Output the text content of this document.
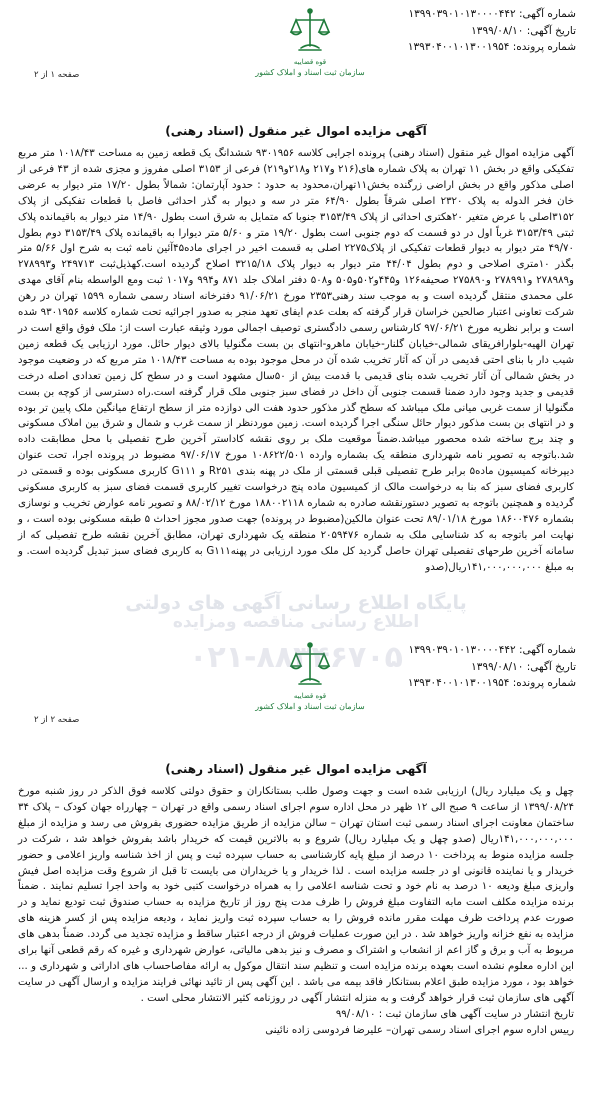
شماره آگهی: ۱۳۹۹۰۳۹۰۱۰۱۳۰۰۰۰۴۴۲
تاریخ آگهی: ۱۳۹۹/۰۸/۱۰
شماره پرونده: ۱۳۹۳۰۴۰۰۱۰۱۳۰۰۱۹۵۴
قوه قضاییه
سازمان ثبت اسناد و املاک کشور
صفحه ۱ از ۲
آگهی مزایده اموال غیر منقول (اسناد رهنی)

آگهی مزایده اموال غیر منقول (اسناد رهنی) پرونده اجرایی کلاسه ۹۳۰۱۹۵۶ ششدانگ یک قطعه زمین به مساحت ۱۰۱۸/۴۳ متر مربع تفکیکی واقع در بخش ۱۱ تهران به پلاک شماره های(۲۱۶ و۲۱۷ و۲۱۸و۲۱۹) فرعی از ۳۱۵۳ اصلی مفروز و مجزی شده از ۴۳ فرعی از اصلی مذکور واقع در بخش اراضی زرگنده بخش۱۱تهران،محدود به حدود : حدود آپارتمان: شمالاً بطول ۱۷/۲۰ متر دیوار به عرضی خان فخر الدوله به پلاک ۲۳۲۰ اصلی شرقاً بطول ۶۴/۹۰ متر در سه و دیوار به گذر احداثی فاصل با قطعات تفکیکی از پلاک ۳۱۵۲اصلی با عرض متغیر ۲۰هکتری احداثی از پلاک ۳۱۵۳/۴۹ جنوبا که متمایل به شرق است بطول ۱۴/۹۰ متر دیوار به باقیمانده پلاک ثبتی ۳۱۵۳/۴۹ غرباً اول در دو قسمت که دوم جنوبی است بطول ۱۹/۲۰ متر و ۵/۶۰ متر دیوارا به باقیمانده پلاک ۳۱۵۳/۴۹ دوم بطول ۴۹/۷۰ متر دیوار به دیوار قطعات تفکیکی از پلاک۲۲۷۵ اصلی به قسمت اخیر در اجرای ماده۴۵آئین نامه ثبت به شرح اول ۵/۶۶ متر بگذر ۱۰متری اصلاحی و دوم بطول ۴۴/۰۴ متر دیوار به دیوار پلاک ۳۲۱۵/۱۸ اصلاح گردیده است.کهذیل‌ثبت ۲۴۹۷۱۳ و۲۷۸۹۹۳ و۲۷۸۹۸۹ و۲۷۸۹۹۱ و۲۷۵۸۹۰ صحیفه۱۲۶ و۴۴۵و۵۰۲و۵۰۵ و۵۰۸ دفتر املاک جلد ۸۷۱ و۹۹۴ و۱۰۱۷ ثبت ومع الواسطه بنام آقای مهدی علی محمدی منتقل گردیده است و به موجب سند رهنی۲۳۵۳ مورخ ۹۱/۰۶/۲۱ دفترخانه اسناد رسمی شماره ۱۵۹۹ تهران در رهن شرکت تعاونی اعتبار صالحین خراسان قرار گرفته که بعلت عدم ایفای تعهد منجر به صدور اجرائیه تحت شماره کلاسه ۹۳۰۱۹۵۶ شده است و برابر نظریه مورخ ۹۷/۰۶/۲۱ کارشناس رسمی دادگستری توصیف اجمالی مورد وثیقه عبارت است از: ملک فوق واقع است در تهران الهیه-بلوارافریقای شمالی-خیابان گلنار-خیابان ماهرو-انتهای بن بست مگنولیا بالای دیوار حائل. مورد ارزیابی یک قطعه زمین شیب دار با بنای احتی قدیمی در آن که آثار تخریب شده آن در محل موجود بوده به مساحت ۱۰۱۸/۴۳ متر مربع که در وضعیت موجود در بخش شمالی آن آثار تخریب شده بنای قدیمی با قدمت بیش از ۵۰سال مشهود است و در سطح کل زمین تعدادی اصله درخت قدیمی و جدید وجود دارد ضمنا قسمت جنوبی آن داخل در فضای سبز جنوبی ملک قرار گرفته است.راه دسترسی از کوچه بن بست مگنولیا از سمت غربی میانی ملک میباشد که سطح گذر مذکور حدود هفت الی دوازده متر از سطح ارتفاع میانگین ملک پایین تر بوده و در انتهای بن بست مذکور دیوار حائل سنگی اجرا گردیده است. زمین موردنظر از سمت غرب و شمال و شرق بین املاک مسکونی و چند برج ساخته شده محصور میباشد.ضمناً موقعیت ملک بر روی نقشه کاداستر آخرین طرح تفصیلی با محل مطابقت داده شد.باتوجه به تصویر نامه شهرداری منطقه یک بشماره وارده ۱۰۸۶۲۲/۵۰۱ مورخ ۹۷/۰۶/۱۷ مضبوط در پرونده اجرا، تحت عنوان دیپرخانه کمیسیون ماده۵ برابر طرح تفصیلی قبلی قسمتی از ملک در پهنه بندی R۲۵۱ و G۱۱۱ کاربری مسکونی بوده و قسمتی در کاربری فضای سبز که بنا به درخواست مالک از کمیسیون ماده پنج درخواست تغییر کاربری قسمت فضای سبز به کاربری مسکونی گردیده و همچنین باتوجه به تصویر دستورنقشه صادره به شماره ۱۸۸۰۰۲۱۱۸ مورخ ۸۸/۰۲/۱۲ و تصویر نامه عوارض تخریب و نوسازی بشماره ۱۸۶۰۰۴۷۶ مورخ ۸۹/۰۱/۱۸ تحت عنوان مالکین(مضبوط در پرونده) جهت صدور مجوز احداث ۵ طبقه مسکونی بوده است ، و نهایت امر باتوجه به کد شناسایی ملک به شماره ۲۰۵۹۴۷۶ منطقه یک شهرداری تهران، مطابق آخرین نقشه طرح تفصیلی که از سامانه آخرین طرحهای تفصیلی تهران حاصل گردید کل ملک مورد ارزیابی در پهنهG۱۱۱ به کاربری فضای سبز تبدیل گردیده است. و به مبلغ ۱۴۱,۰۰۰,۰۰۰,۰۰۰ریال(صدو

پایگاه اطلاع رسانی آگهی های دولتی
شماره آگهی: ۱۳۹۹۰۳۹۰۱۰۱۳۰۰۰۰۴۴۲
تاریخ آگهی: ۱۳۹۹/۰۸/۱۰
شماره پرونده: ۱۳۹۳۰۴۰۰۱۰۱۳۰۰۱۹۵۴
قوه قضاییه
سازمان ثبت اسناد و املاک کشور
صفحه ۲ از ۲
آگهی مزایده اموال غیر منقول (اسناد رهنی)

چهل و یک میلیارد ریال) ارزیابی شده است و جهت وصول طلب بستانکاران و حقوق دولتی کلاسه فوق الذکر در روز شنبه مورخ ۱۳۹۹/۰۸/۲۴ از ساعت ۹ صبح الی ۱۲ ظهر در محل اداره سوم اجرای اسناد رسمی واقع در تهران – چهارراه جهان کودک – پلاک ۳۴ ساختمان معاونت اجرای اسناد رسمی ثبت استان تهران – سالن مزایده از طریق مزایده حضوری بفروش می رسد و مزایده از مبلغ ۱۴۱,۰۰۰,۰۰۰,۰۰۰ریال (صدو چهل و یک میلیارد ریال) شروع و به بالاترین قیمت که خریدار باشد بفروش خواهد شد ، شرکت در جلسه مزایده منوط به پرداخت ۱۰ درصد از مبلغ پایه کارشناسی به حساب سپرده ثبت و پس از اخذ شناسه واریز اعلامی و حضور خریدار و یا نماینده قانونی او در جلسه مزایده است . لذا خریدار و یا خریداران می بایست تا قبل از شروع وقت مزایده اصل فیش واریزی مبلغ ودیعه ۱۰ درصد به نام خود و تحت شناسه اعلامی را به همراه درخواست کتبی خود به واحد اجرا تسلیم نمایند . ضمناً برنده مزایده مکلف است مابه التفاوت مبلغ فروش را ظرف مدت پنج روز از تاریخ مزایده به حساب صندوق ثبت تودیع نماید و در صورت عدم پرداخت ظرف مهلت مقرر مانده فروش را به حساب سپرده ثبت واریز نماید ، ودیعه مزایده پس از کسر هزینه های مزایده به نفع خزانه واریز خواهد شد . در این صورت عملیات فروش از درجه اعتبار ساقط و مزایده تجدید می گردد. ضمناً بدهی های مربوط به آب و برق و گاز اعم از انشعاب و اشتراک و مصرف و نیز بدهی مالیاتی، عوارض شهرداری و غیره که رقم قطعی آنها برای این اداره معلوم نشده است بعهده برنده مزایده است و تنظیم سند انتقال موکول به ارائه مفاصاحساب های اداراتی و شهرداری و ... خواهد بود ، مورد مزایده طبق اعلام بستانکار فاقد بیمه می باشد . این آگهی پس از تائید نهائی فرایند مزایده و ارسال آگهی در سایت آگهی های سازمان ثبت قرار خواهد گرفت و به منزله انتشار آگهی در روزنامه کثیر الانتشار محلی است .

تاریخ انتشار در سایت آگهی های سازمان ثبت : ۹۹/۰۸/۱۰

رییس اداره سوم اجرای اسناد رسمی تهران– علیرضا فردوسی زاده نائینی

اطلاع رسانی مناقصه ومزایده
۰۲۱-۸۸۳۴۶۷۰۵
